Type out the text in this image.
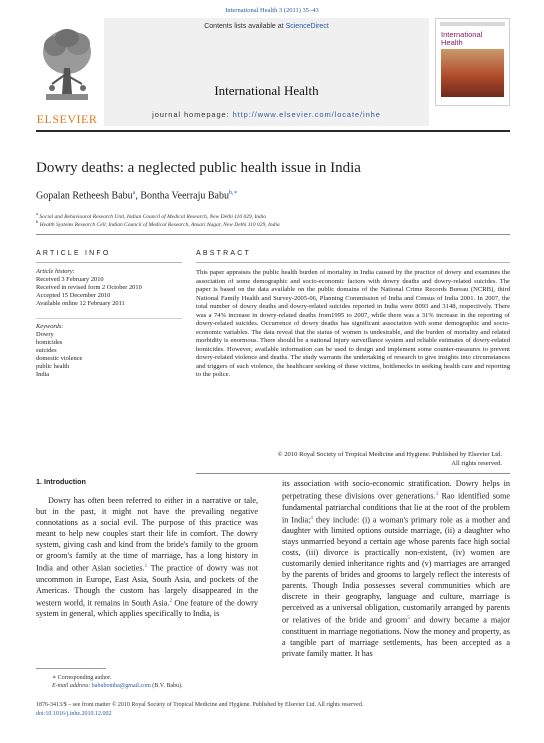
International Health 3 (2011) 35–43
ELSEVIER
Contents lists available at ScienceDirect
International Health
journal homepage: http://www.elsevier.com/locate/inhe
International
Health
Dowry deaths: a neglected public health issue in India
Gopalan Retheesh Babu$^a$, Bontha Veerraju Babu$^{b,∗}$
$^a$ Social and Behavioural Research Unit, Indian Council of Medical Research, New Delhi 110 029, India
$^b$ Health Systems Research Cell, Indian Council of Medical Research, Ansari Nagar, New Delhi 110 029, India
ARTICLE INFO	ABSTRACT
Article history:
Received 3 February 2010
Received in revised form 2 October 2010
Accepted 15 December 2010
Available online 12 February 2011
Keywords:
Dowry
homicides
suicides
domestic violence
public health
India
This paper appraises the public health burden of mortality in India caused by the practice of dowry and examines the association of some demographic and socio-economic factors with dowry deaths and dowry-related suicides. The paper is based on the data available on the public domains of the National Crime Records Bureau (NCRB), third National Family Health and Survey-2005-06, Planning Commission of India and Census of India 2001. In 2007, the total number of dowry deaths and dowry-related suicides reported in India were 8093 and 3148, respectively. There was a 74% increase in dowry-related deaths from1995 to 2007, while there was a 31% increase in the reporting of dowry-related suicides. Occurrence of dowry deaths has significant association with some demographic and socio-economic variables. The data reveal that the status of women is undesirable, and the burden of mortality and related morbidity is enormous. There should be a national injury surveillance system and reliable estimates of dowry-related homicides. However, available information can be used to design and implement some counter-measures to prevent dowry-related violence and deaths. The study warrants the undertaking of research to give insights into circumstances and triggers of such violence, the healthcare seeking of these victims, bottlenecks in seeking health care and reporting to the police.
© 2010 Royal Society of Tropical Medicine and Hygiene. Published by Elsevier Ltd.
All rights reserved.
1. Introduction
Dowry has often been referred to either in a narrative or tale, but in the past, it might not have the prevailing negative connotations as a social evil. The purpose of this practice was meant to help new couples start their life in comfort. The dowry system, giving cash and kind from the bride's family to the groom or groom's family at the time of marriage, has a long history in India and other Asian societies.$^1$ The practice of dowry was not uncommon in Europe, East Asia, South Asia, and pockets of the Americas. Though the custom has largely disappeared in the western world, it remains in South Asia.$^2$ One feature of the dowry system in general, which applies specifically to India, is
its association with socio-economic stratification. Dowry helps in perpetrating these divisions over generations.$^3$ Rao identified some fundamental patriarchal conditions that lie at the root of the problem in India;$^4$ they include: (i) a woman's primary role as a mother and daughter with limited options outside marriage, (ii) a daughter who stays unmarried beyond a certain age whose parents face high social costs, (iii) divorce is practically non-existent, (iv) women are customarily denied inheritance rights and (v) marriages are arranged by the parents of brides and grooms to largely reflect the interests of parents. Though India possesses several communities which are discrete in their geography, language and culture, marriage is perceived as a universal obligation, customarily arranged by parents or relatives of the bride and groom$^5$ and dowry became a major constituent in marriage negotiations. Now the money and property, as a tangible part of marriage settlements, has been accepted as a private family matter. It has
∗ Corresponding author.
E-mail address: babubontha@gmail.com (B.V. Babu).
1876-3413/$ – see front matter © 2010 Royal Society of Tropical Medicine and Hygiene. Published by Elsevier Ltd. All rights reserved.
doi:10.1016/j.inhe.2010.12.002
